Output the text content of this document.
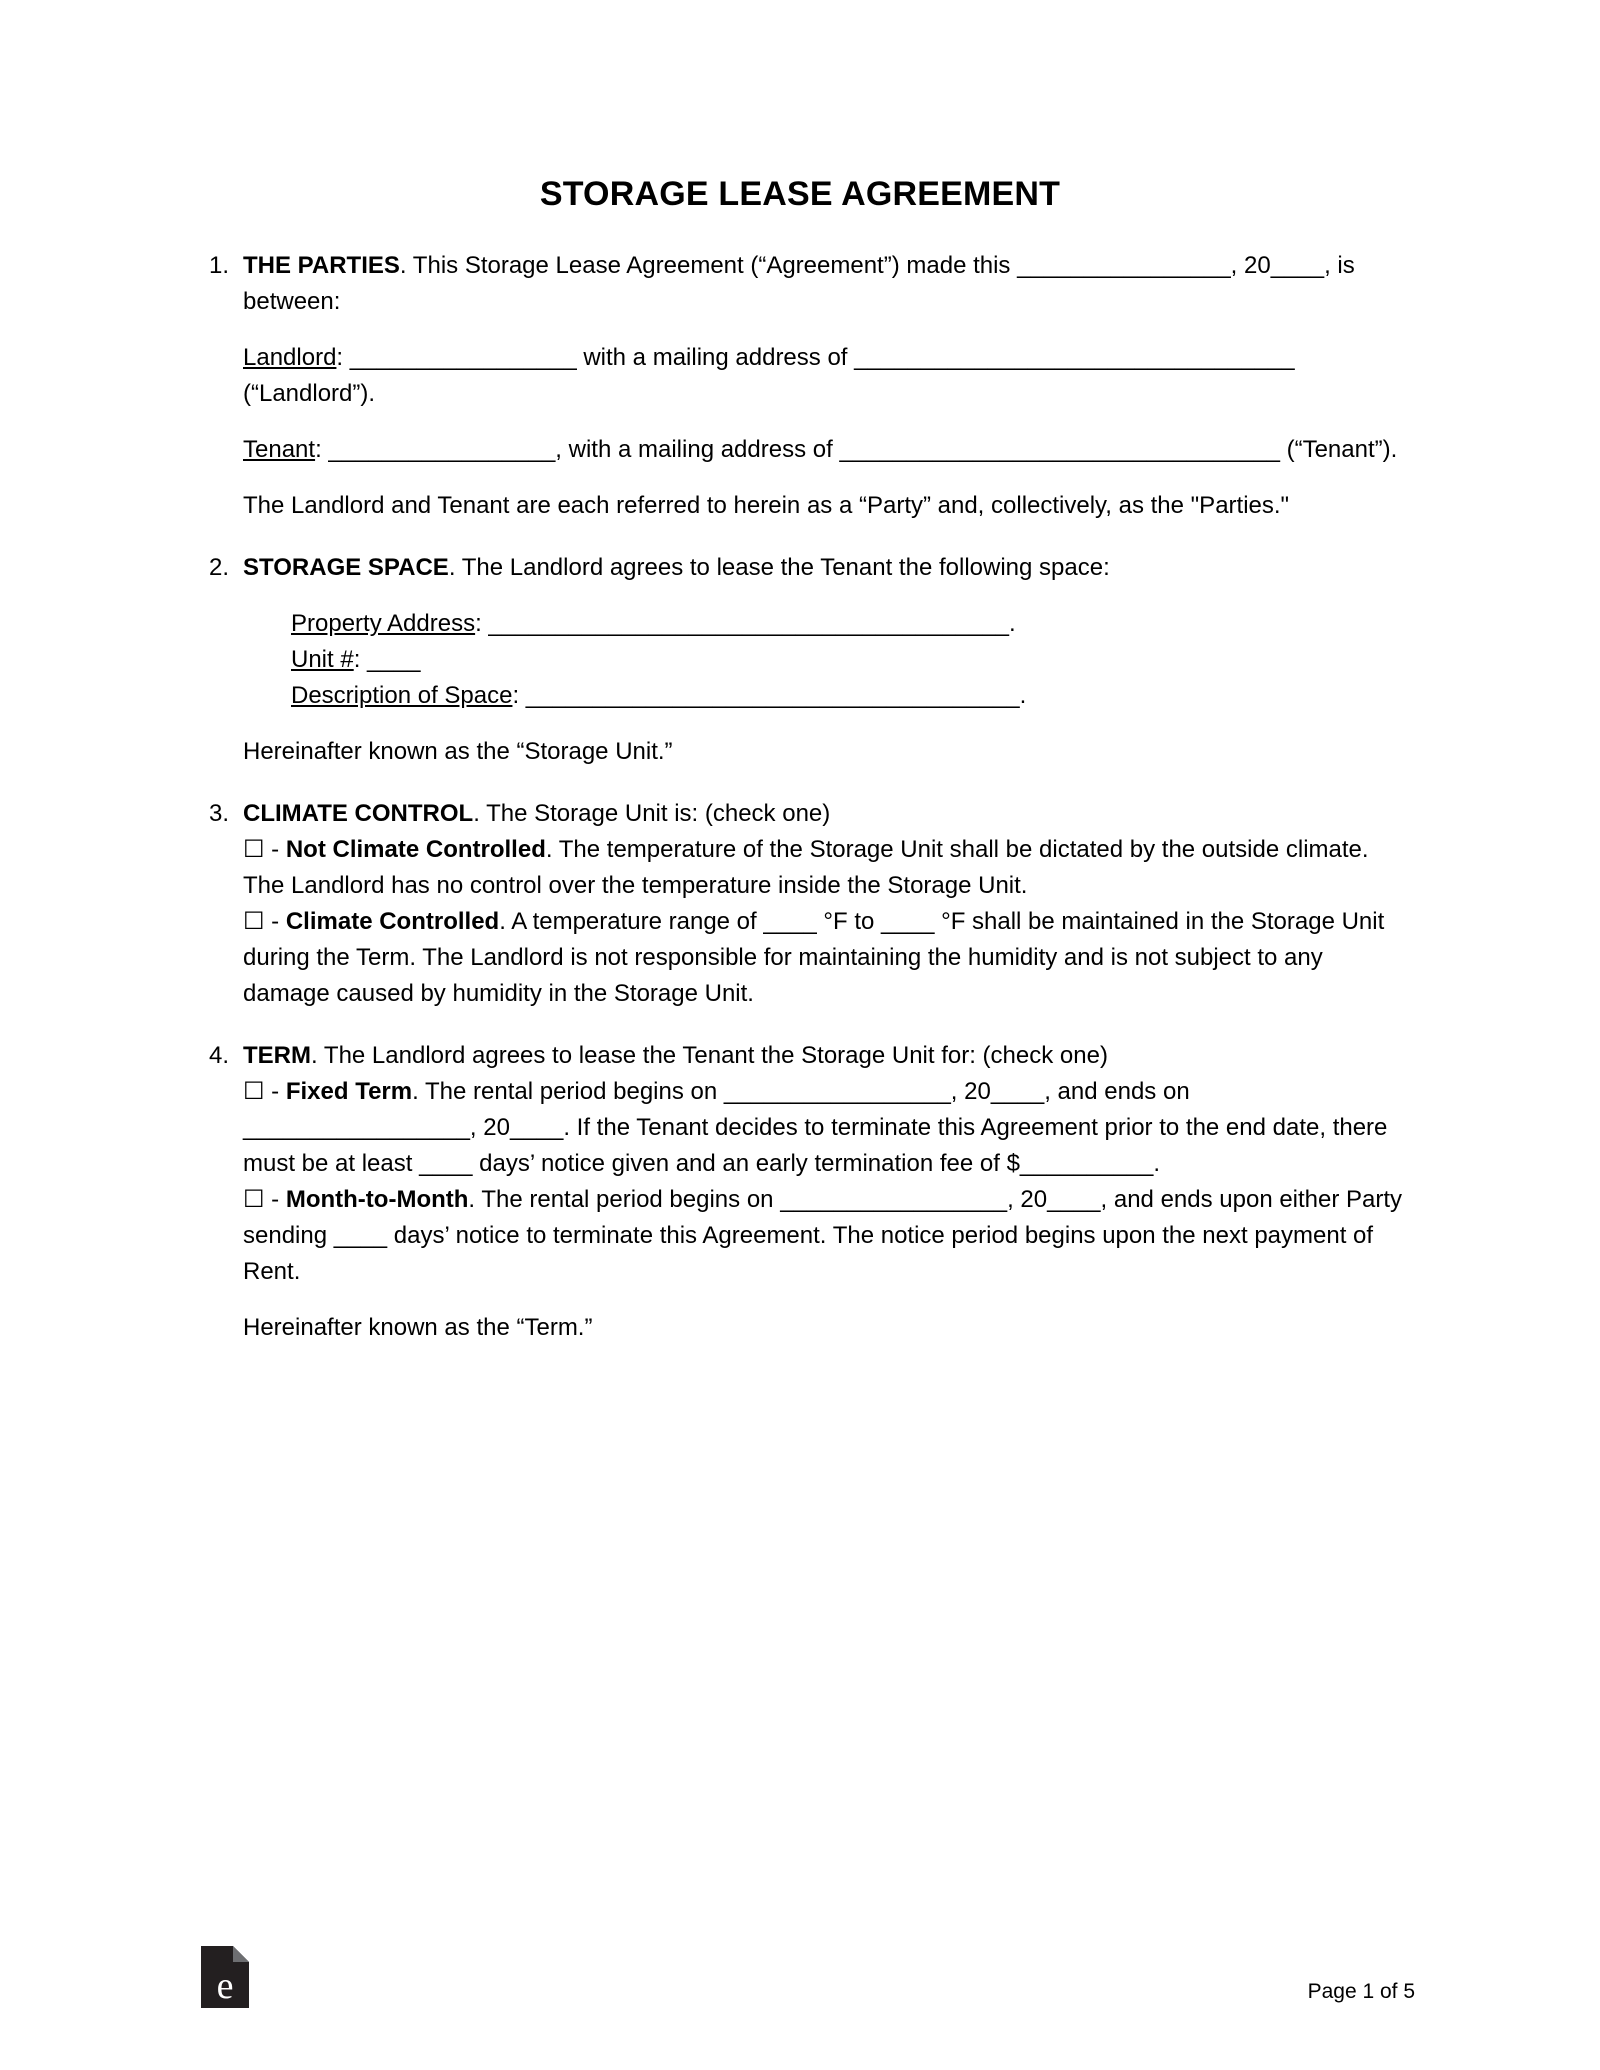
STORAGE LEASE AGREEMENT
1. THE PARTIES. This Storage Lease Agreement (“Agreement”) made this ________________, 20____, is between:

Landlord: _________________ with a mailing address of _________________________________ (“Landlord”).

Tenant: _________________, with a mailing address of _________________________________ (“Tenant”).

The Landlord and Tenant are each referred to herein as a “Party” and, collectively, as the "Parties."

2. STORAGE SPACE. The Landlord agrees to lease the Tenant the following space:

Property Address: _______________________________________.

Unit #: ____

Description of Space: _____________________________________.

Hereinafter known as the “Storage Unit.”

3. CLIMATE CONTROL. The Storage Unit is: (check one)

☐ - Not Climate Controlled. The temperature of the Storage Unit shall be dictated by the outside climate. The Landlord has no control over the temperature inside the Storage Unit.

☐ - Climate Controlled. A temperature range of ____ °F to ____ °F shall be maintained in the Storage Unit during the Term. The Landlord is not responsible for maintaining the humidity and is not subject to any damage caused by humidity in the Storage Unit.

4. TERM. The Landlord agrees to lease the Tenant the Storage Unit for: (check one)

☐ - Fixed Term. The rental period begins on _________________, 20____, and ends on _________________, 20____. If the Tenant decides to terminate this Agreement prior to the end date, there must be at least ____ days’ notice given and an early termination fee of $__________.

☐ - Month-to-Month. The rental period begins on _________________, 20____, and ends upon either Party sending ____ days’ notice to terminate this Agreement. The notice period begins upon the next payment of Rent.

Hereinafter known as the “Term.”

e	Page 1 of 5
